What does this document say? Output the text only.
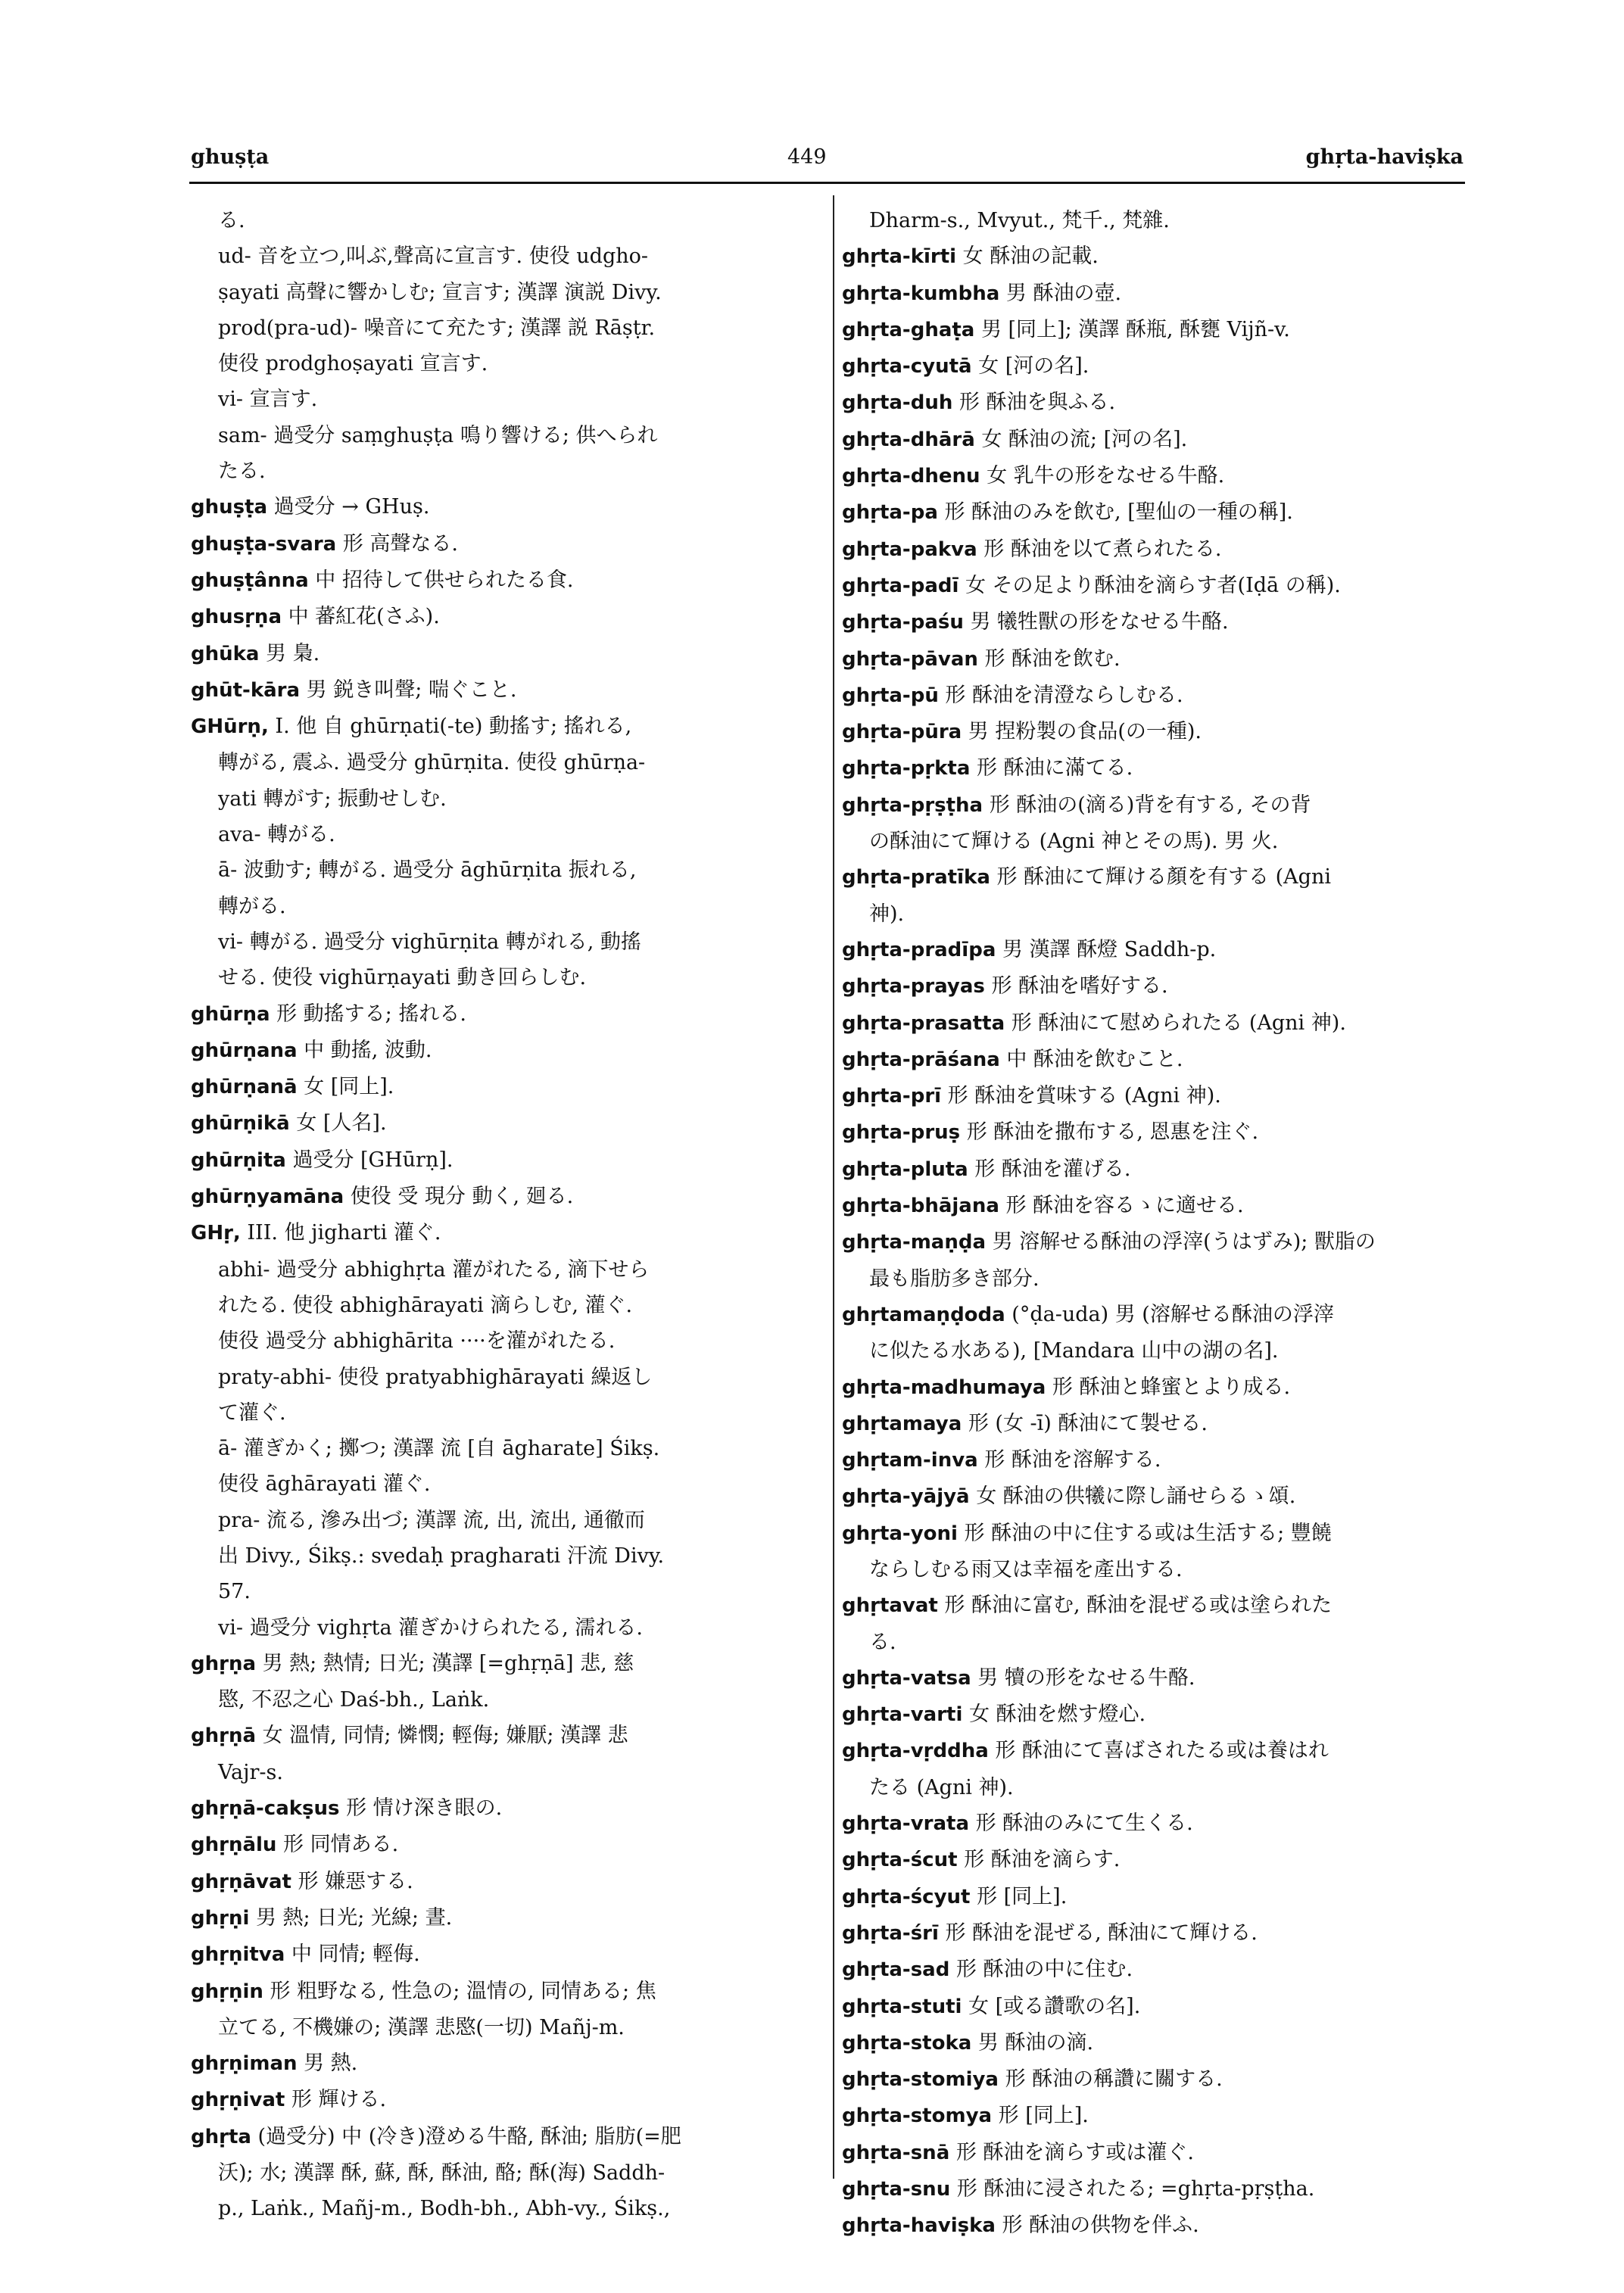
ghuṣṭa	449	ghṛta-haviṣka
る.
ud- 音を立つ,叫ぶ,聲高に宣言す. 使役 udgho-
ṣayati 高聲に響かしむ; 宣言す; 漢譯 演説 Divy.
prod(pra-ud)- 噪音にて充たす; 漢譯 説 Rāṣṭr.
使役 prodghoṣayati 宣言す.
vi- 宣言す.
sam- 過受分 saṃghuṣṭa 鳴り響ける; 供へられ
たる.
ghuṣṭa 過受分 → GHuṣ.
ghuṣṭa-svara 形 高聲なる.
ghuṣṭânna 中 招待して供せられたる食.
ghusṛṇa 中 蕃紅花(さふ).
ghūka 男 梟.
ghūt-kāra 男 鋭き叫聲; 喘ぐこと.
GHūrṇ, I. 他 自 ghūrṇati(-te) 動搖す; 搖れる,
轉がる, 震ふ. 過受分 ghūrṇita. 使役 ghūrṇa-
yati 轉がす; 振動せしむ.
ava- 轉がる.
ā- 波動す; 轉がる. 過受分 āghūrṇita 振れる,
轉がる.
vi- 轉がる. 過受分 vighūrṇita 轉がれる, 動搖
せる. 使役 vighūrṇayati 動き回らしむ.
ghūrṇa 形 動搖する; 搖れる.
ghūrṇana 中 動搖, 波動.
ghūrṇanā 女 [同上].
ghūrṇikā 女 [人名].
ghūrṇita 過受分 [GHūrṇ].
ghūrṇyamāna 使役 受 現分 動く, 廻る.
GHṛ, III. 他 jigharti 灌ぐ.
abhi- 過受分 abhighṛta 灌がれたる, 滴下せら
れたる. 使役 abhighārayati 滴らしむ, 灌ぐ.
使役 過受分 abhighārita ····を灌がれたる.
praty-abhi- 使役 pratyabhighārayati 繰返し
て灌ぐ.
ā- 灌ぎかく; 擲つ; 漢譯 流 [自 āgharate] Śikṣ.
使役 āghārayati 灌ぐ.
pra- 流る, 滲み出づ; 漢譯 流, 出, 流出, 通徹而
出 Divy., Śikṣ.: svedaḥ pragharati 汗流 Divy.
57.
vi- 過受分 vighṛta 灌ぎかけられたる, 濡れる.
ghṛṇa 男 熱; 熱情; 日光; 漢譯 [=ghṛṇā] 悲, 慈
愍, 不忍之心 Daś-bh., Laṅk.
ghṛṇā 女 溫情, 同情; 憐憫; 輕侮; 嫌厭; 漢譯 悲
Vajr-s.
ghṛṇā-cakṣus 形 情け深き眼の.
ghṛṇālu 形 同情ある.
ghṛṇāvat 形 嫌惡する.
ghṛṇi 男 熱; 日光; 光線; 晝.
ghṛṇitva 中 同情; 輕侮.
ghṛṇin 形 粗野なる, 性急の; 溫情の, 同情ある; 焦
立てる, 不機嫌の; 漢譯 悲愍(一切) Mañj-m.
ghṛṇiman 男 熱.
ghṛṇivat 形 輝ける.
ghṛta (過受分) 中 (冷き)澄める牛酪, 酥油; 脂肪(=肥
沃); 水; 漢譯 酥, 蘇, 酥, 酥油, 酪; 酥(海) Saddh-
p., Laṅk., Mañj-m., Bodh-bh., Abh-vy., Śikṣ.,
Dharm-s., Mvyut., 梵千., 梵雜.
ghṛta-kīrti 女 酥油の記載.
ghṛta-kumbha 男 酥油の壺.
ghṛta-ghaṭa 男 [同上]; 漢譯 酥瓶, 酥甕 Vijñ-v.
ghṛta-cyutā 女 [河の名].
ghṛta-duh 形 酥油を與ふる.
ghṛta-dhārā 女 酥油の流; [河の名].
ghṛta-dhenu 女 乳牛の形をなせる牛酪.
ghṛta-pa 形 酥油のみを飲む, [聖仙の一種の稱].
ghṛta-pakva 形 酥油を以て煮られたる.
ghṛta-padī 女 その足より酥油を滴らす者(Iḍā の稱).
ghṛta-paśu 男 犧牲獸の形をなせる牛酪.
ghṛta-pāvan 形 酥油を飲む.
ghṛta-pū 形 酥油を清澄ならしむる.
ghṛta-pūra 男 捏粉製の食品(の一種).
ghṛta-pṛkta 形 酥油に滿てる.
ghṛta-pṛṣṭha 形 酥油の(滴る)背を有する, その背
の酥油にて輝ける (Agni 神とその馬). 男 火.
ghṛta-pratīka 形 酥油にて輝ける顏を有する (Agni
神).
ghṛta-pradīpa 男 漢譯 酥燈 Saddh-p.
ghṛta-prayas 形 酥油を嗜好する.
ghṛta-prasatta 形 酥油にて慰められたる (Agni 神).
ghṛta-prāśana 中 酥油を飲むこと.
ghṛta-prī 形 酥油を賞味する (Agni 神).
ghṛta-pruṣ 形 酥油を撒布する, 恩惠を注ぐ.
ghṛta-pluta 形 酥油を灌げる.
ghṛta-bhājana 形 酥油を容るゝに適せる.
ghṛta-maṇḍa 男 溶解せる酥油の浮滓(うはずみ); 獸脂の
最も脂肪多き部分.
ghṛtamaṇḍoda (°ḍa-uda) 男 (溶解せる酥油の浮滓
に似たる水ある), [Mandara 山中の湖の名].
ghṛta-madhumaya 形 酥油と蜂蜜とより成る.
ghṛtamaya 形 (女 -ī) 酥油にて製せる.
ghṛtam-inva 形 酥油を溶解する.
ghṛta-yājyā 女 酥油の供犧に際し誦せらるゝ頌.
ghṛta-yoni 形 酥油の中に住する或は生活する; 豐饒
ならしむる雨又は幸福を產出する.
ghṛtavat 形 酥油に富む, 酥油を混ぜる或は塗られた
る.
ghṛta-vatsa 男 犢の形をなせる牛酪.
ghṛta-varti 女 酥油を燃す燈心.
ghṛta-vṛddha 形 酥油にて喜ばされたる或は養はれ
たる (Agni 神).
ghṛta-vrata 形 酥油のみにて生くる.
ghṛta-ścut 形 酥油を滴らす.
ghṛta-ścyut 形 [同上].
ghṛta-śrī 形 酥油を混ぜる, 酥油にて輝ける.
ghṛta-sad 形 酥油の中に住む.
ghṛta-stuti 女 [或る讚歌の名].
ghṛta-stoka 男 酥油の滴.
ghṛta-stomiya 形 酥油の稱讚に關する.
ghṛta-stomya 形 [同上].
ghṛta-snā 形 酥油を滴らす或は灌ぐ.
ghṛta-snu 形 酥油に浸されたる; =ghṛta-pṛṣṭha.
ghṛta-haviṣka 形 酥油の供物を伴ふ.
